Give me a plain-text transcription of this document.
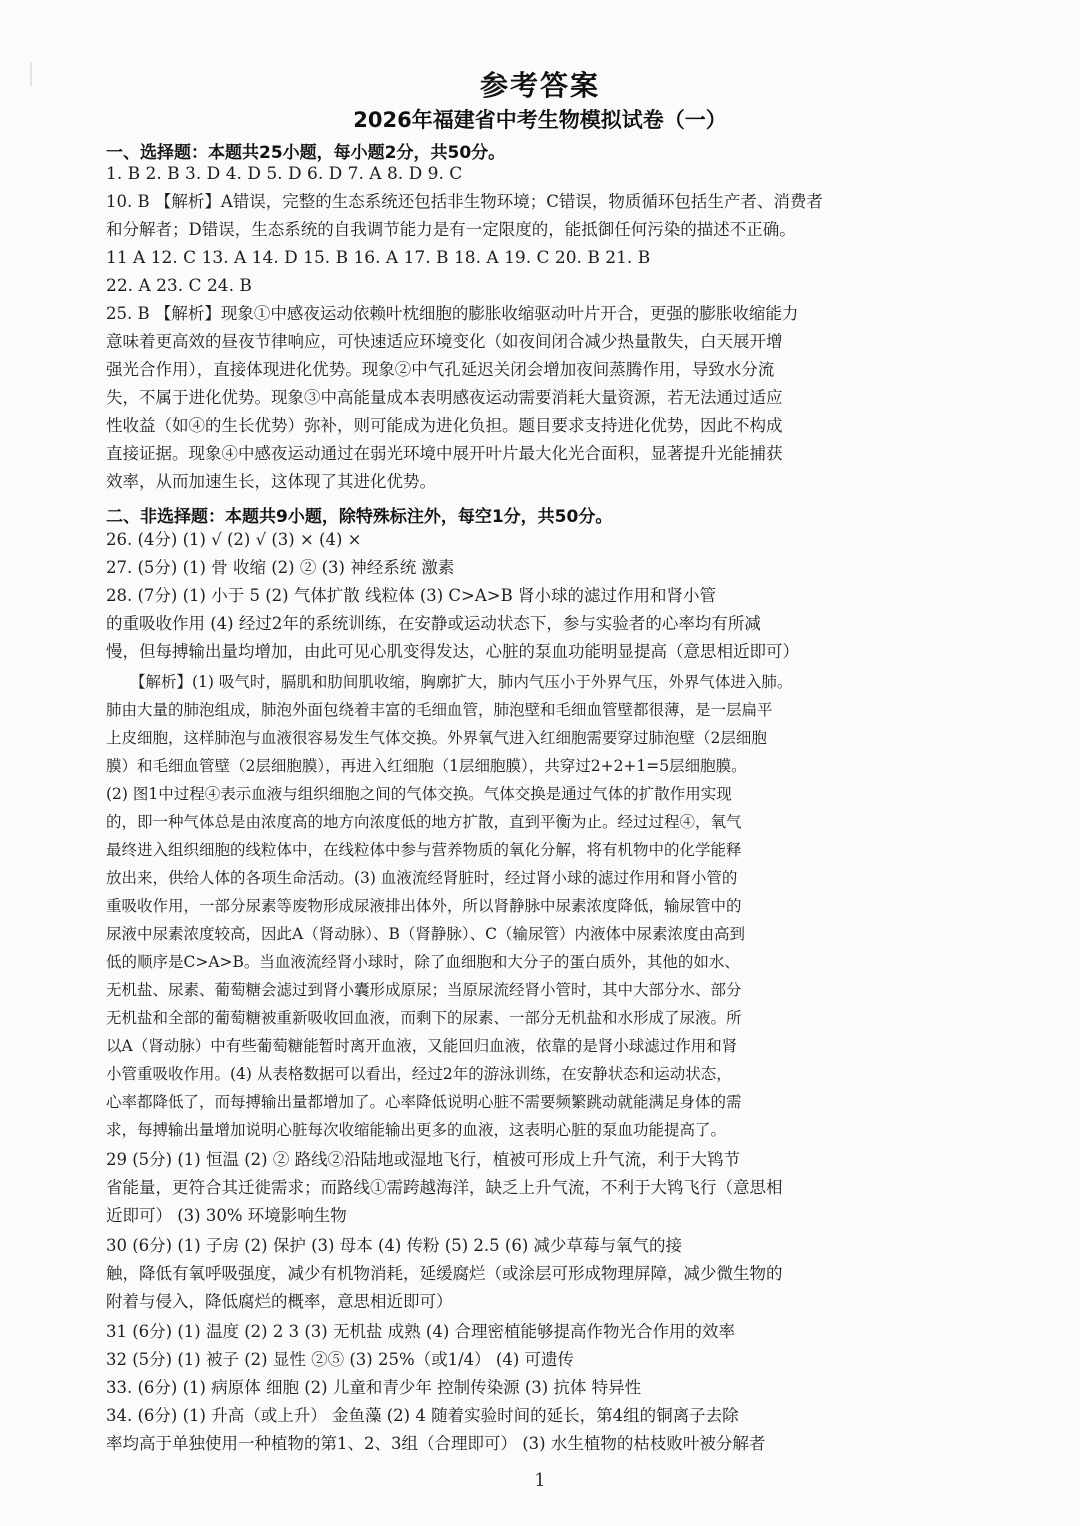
参考答案
2026年福建省中考生物模拟试卷（一）
一、选择题：本题共25小题，每小题2分，共50分。
1. B 2. B 3. D 4. D 5. D 6. D 7. A 8. D 9. C
10. B 【解析】A错误，完整的生态系统还包括非生物环境；C错误，物质循环包括生产者、消费者
和分解者；D错误，生态系统的自我调节能力是有一定限度的，能抵御任何污染的描述不正确。
11 A 12. C 13. A 14. D 15. B 16. A 17. B 18. A 19. C 20. B 21. B
22. A 23. C 24. B
25. B 【解析】现象①中感夜运动依赖叶枕细胞的膨胀收缩驱动叶片开合，更强的膨胀收缩能力
意味着更高效的昼夜节律响应，可快速适应环境变化（如夜间闭合减少热量散失，白天展开增
强光合作用），直接体现进化优势。现象②中气孔延迟关闭会增加夜间蒸腾作用，导致水分流
失，不属于进化优势。现象③中高能量成本表明感夜运动需要消耗大量资源，若无法通过适应
性收益（如④的生长优势）弥补，则可能成为进化负担。题目要求支持进化优势，因此不构成
直接证据。现象④中感夜运动通过在弱光环境中展开叶片最大化光合面积，显著提升光能捕获
效率，从而加速生长，这体现了其进化优势。
二、非选择题：本题共9小题，除特殊标注外，每空1分，共50分。
26. (4分) (1) √ (2) √ (3) × (4) ×
27. (5分) (1) 骨 收缩 (2) ② (3) 神经系统 激素
28. (7分) (1) 小于 5 (2) 气体扩散 线粒体 (3) C>A>B 肾小球的滤过作用和肾小管
的重吸收作用 (4) 经过2年的系统训练，在安静或运动状态下，参与实验者的心率均有所减
慢，但每搏输出量均增加，由此可见心肌变得发达，心脏的泵血功能明显提高（意思相近即可）
【解析】(1) 吸气时，膈肌和肋间肌收缩，胸廓扩大，肺内气压小于外界气压，外界气体进入肺。
肺由大量的肺泡组成，肺泡外面包绕着丰富的毛细血管，肺泡壁和毛细血管壁都很薄，是一层扁平
上皮细胞，这样肺泡与血液很容易发生气体交换。外界氧气进入红细胞需要穿过肺泡壁（2层细胞
膜）和毛细血管壁（2层细胞膜），再进入红细胞（1层细胞膜），共穿过2+2+1=5层细胞膜。
(2) 图1中过程④表示血液与组织细胞之间的气体交换。气体交换是通过气体的扩散作用实现
的，即一种气体总是由浓度高的地方向浓度低的地方扩散，直到平衡为止。经过过程④，氧气
最终进入组织细胞的线粒体中，在线粒体中参与营养物质的氧化分解，将有机物中的化学能释
放出来，供给人体的各项生命活动。(3) 血液流经肾脏时，经过肾小球的滤过作用和肾小管的
重吸收作用，一部分尿素等废物形成尿液排出体外，所以肾静脉中尿素浓度降低，输尿管中的
尿液中尿素浓度较高，因此A（肾动脉）、B（肾静脉）、C（输尿管）内液体中尿素浓度由高到
低的顺序是C>A>B。当血液流经肾小球时，除了血细胞和大分子的蛋白质外，其他的如水、
无机盐、尿素、葡萄糖会滤过到肾小囊形成原尿；当原尿流经肾小管时，其中大部分水、部分
无机盐和全部的葡萄糖被重新吸收回血液，而剩下的尿素、一部分无机盐和水形成了尿液。所
以A（肾动脉）中有些葡萄糖能暂时离开血液，又能回归血液，依靠的是肾小球滤过作用和肾
小管重吸收作用。(4) 从表格数据可以看出，经过2年的游泳训练，在安静状态和运动状态，
心率都降低了，而每搏输出量都增加了。心率降低说明心脏不需要频繁跳动就能满足身体的需
求，每搏输出量增加说明心脏每次收缩能输出更多的血液，这表明心脏的泵血功能提高了。
29 (5分) (1) 恒温 (2) ② 路线②沿陆地或湿地飞行，植被可形成上升气流，利于大鸨节
省能量，更符合其迁徙需求；而路线①需跨越海洋，缺乏上升气流，不利于大鸨飞行（意思相
近即可） (3) 30% 环境影响生物
30 (6分) (1) 子房 (2) 保护 (3) 母本 (4) 传粉 (5) 2.5 (6) 减少草莓与氧气的接
触，降低有氧呼吸强度，减少有机物消耗，延缓腐烂（或涂层可形成物理屏障，减少微生物的
附着与侵入，降低腐烂的概率，意思相近即可）
31 (6分) (1) 温度 (2) 2 3 (3) 无机盐 成熟 (4) 合理密植能够提高作物光合作用的效率
32 (5分) (1) 被子 (2) 显性 ②⑤ (3) 25%（或1/4） (4) 可遗传
33. (6分) (1) 病原体 细胞 (2) 儿童和青少年 控制传染源 (3) 抗体 特异性
34. (6分) (1) 升高（或上升） 金鱼藻 (2) 4 随着实验时间的延长，第4组的铜离子去除
率均高于单独使用一种植物的第1、2、3组（合理即可） (3) 水生植物的枯枝败叶被分解者
1
